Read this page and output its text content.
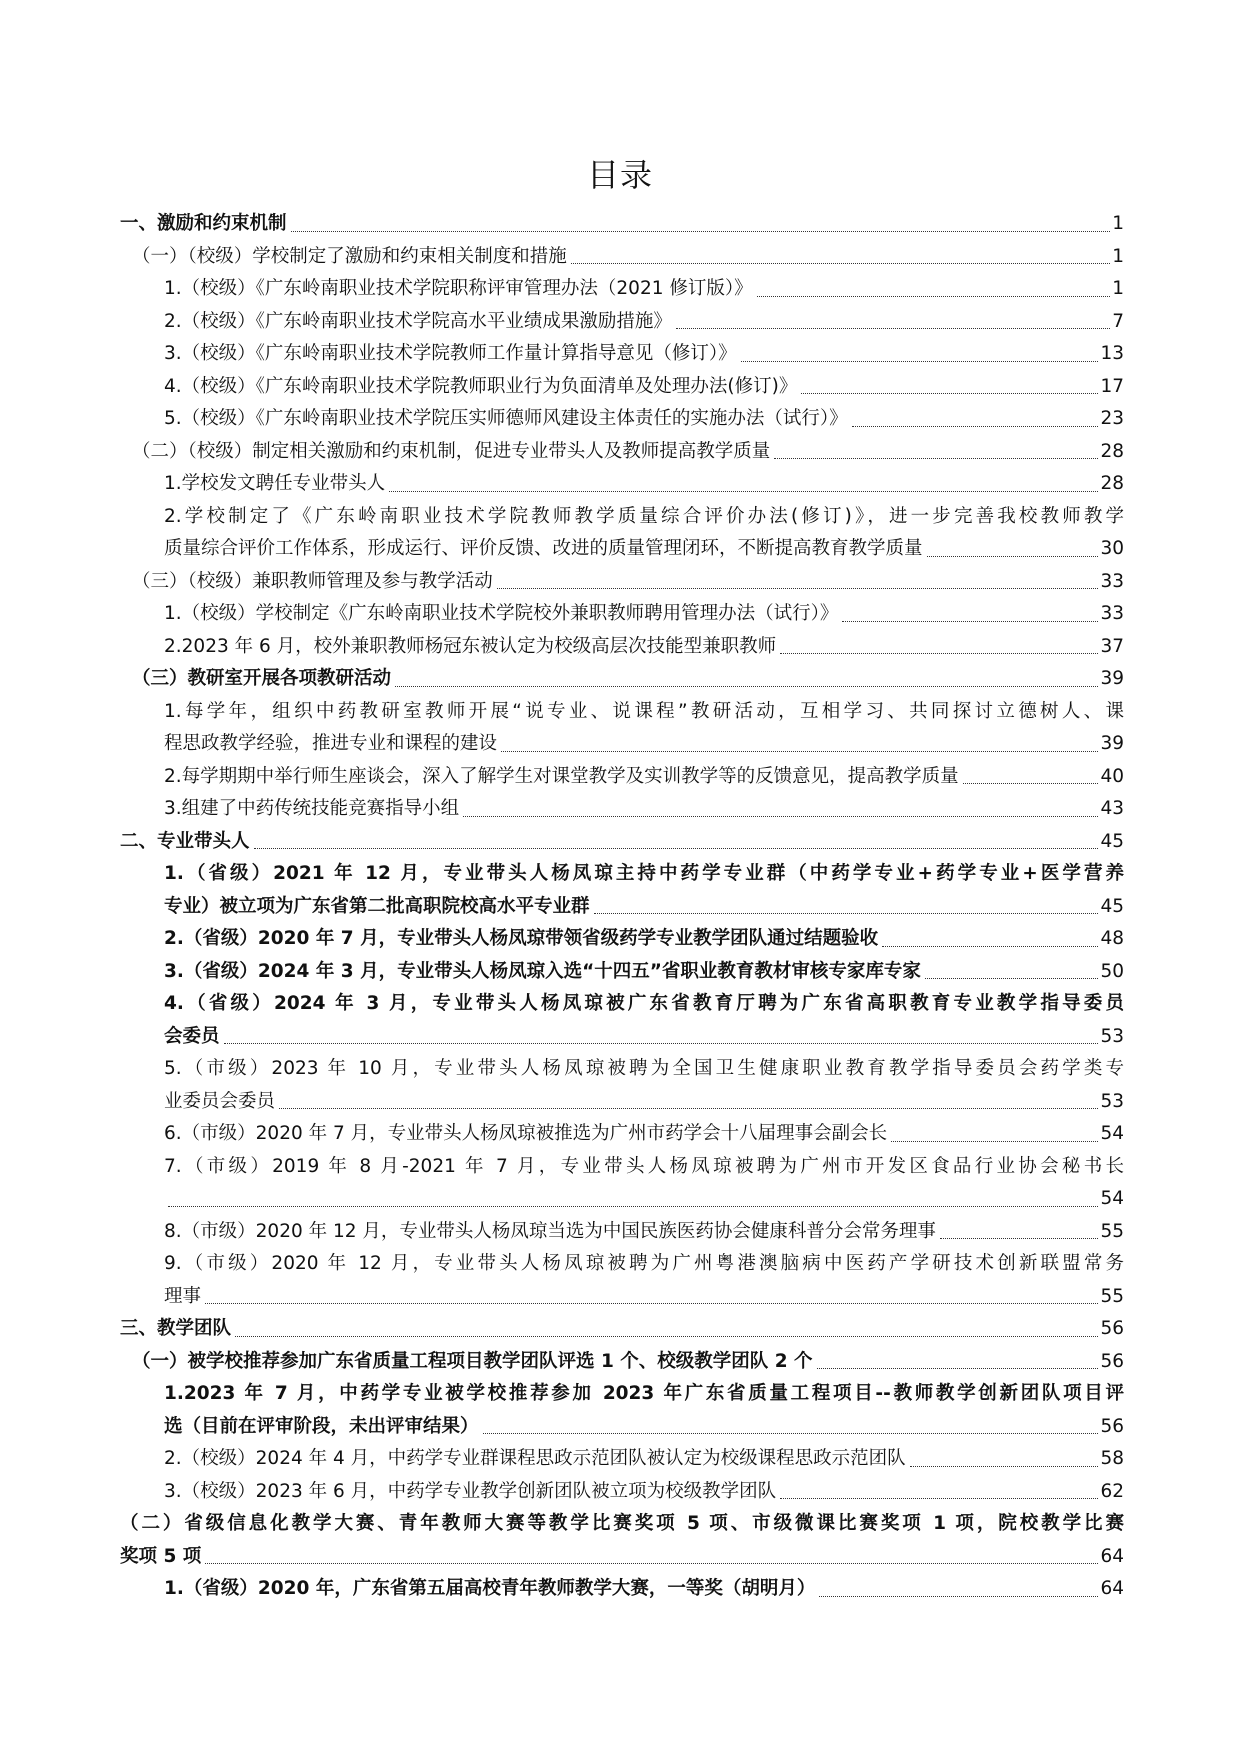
目录
一、激励和约束机制	1
（一）（校级）学校制定了激励和约束相关制度和措施	1
1.（校级）《广东岭南职业技术学院职称评审管理办法（2021 修订版）》	1
2.（校级）《广东岭南职业技术学院高水平业绩成果激励措施》	7
3.（校级）《广东岭南职业技术学院教师工作量计算指导意见（修订）》	13
4.（校级）《广东岭南职业技术学院教师职业行为负面清单及处理办法(修订)》	17
5.（校级）《广东岭南职业技术学院压实师德师风建设主体责任的实施办法（试行）》	23
（二）（校级）制定相关激励和约束机制，促进专业带头人及教师提高教学质量	28
1.学校发文聘任专业带头人	28
2.学校制定了《广东岭南职业技术学院教师教学质量综合评价办法(修订)》，进一步完善我校教师教学
质量综合评价工作体系，形成运行、评价反馈、改进的质量管理闭环，不断提高教育教学质量	30
（三）（校级）兼职教师管理及参与教学活动	33
1.（校级）学校制定《广东岭南职业技术学院校外兼职教师聘用管理办法（试行）》	33
2.2023 年 6 月，校外兼职教师杨冠东被认定为校级高层次技能型兼职教师	37
（三）教研室开展各项教研活动	39
1.每学年，组织中药教研室教师开展“说专业、说课程”教研活动，互相学习、共同探讨立德树人、课
程思政教学经验，推进专业和课程的建设	39
2.每学期期中举行师生座谈会，深入了解学生对课堂教学及实训教学等的反馈意见，提高教学质量	40
3.组建了中药传统技能竞赛指导小组	43
二、专业带头人	45
1.（省级）2021 年 12 月，专业带头人杨凤琼主持中药学专业群（中药学专业+药学专业+医学营养
专业）被立项为广东省第二批高职院校高水平专业群	45
2.（省级）2020 年 7 月，专业带头人杨凤琼带领省级药学专业教学团队通过结题验收	48
3.（省级）2024 年 3 月，专业带头人杨凤琼入选“十四五”省职业教育教材审核专家库专家	50
4.（省级）2024 年 3 月，专业带头人杨凤琼被广东省教育厅聘为广东省高职教育专业教学指导委员
会委员	53
5.（市级）2023 年 10 月，专业带头人杨凤琼被聘为全国卫生健康职业教育教学指导委员会药学类专
业委员会委员	53
6.（市级）2020 年 7 月，专业带头人杨凤琼被推选为广州市药学会十八届理事会副会长	54
7.（市级）2019 年 8 月-2021 年 7 月，专业带头人杨凤琼被聘为广州市开发区食品行业协会秘书长
54
8.（市级）2020 年 12 月，专业带头人杨凤琼当选为中国民族医药协会健康科普分会常务理事	55
9.（市级）2020 年 12 月，专业带头人杨凤琼被聘为广州粤港澳脑病中医药产学研技术创新联盟常务
理事	55
三、教学团队	56
（一）被学校推荐参加广东省质量工程项目教学团队评选 1 个、校级教学团队 2 个	56
1.2023 年 7 月，中药学专业被学校推荐参加 2023 年广东省质量工程项目--教师教学创新团队项目评
选（目前在评审阶段，未出评审结果）	56
2.（校级）2024 年 4 月，中药学专业群课程思政示范团队被认定为校级课程思政示范团队	58
3.（校级）2023 年 6 月，中药学专业教学创新团队被立项为校级教学团队	62
（二）省级信息化教学大赛、青年教师大赛等教学比赛奖项 5 项、市级微课比赛奖项 1 项，院校教学比赛
奖项 5 项	64
1.（省级）2020 年，广东省第五届高校青年教师教学大赛，一等奖（胡明月）	64
